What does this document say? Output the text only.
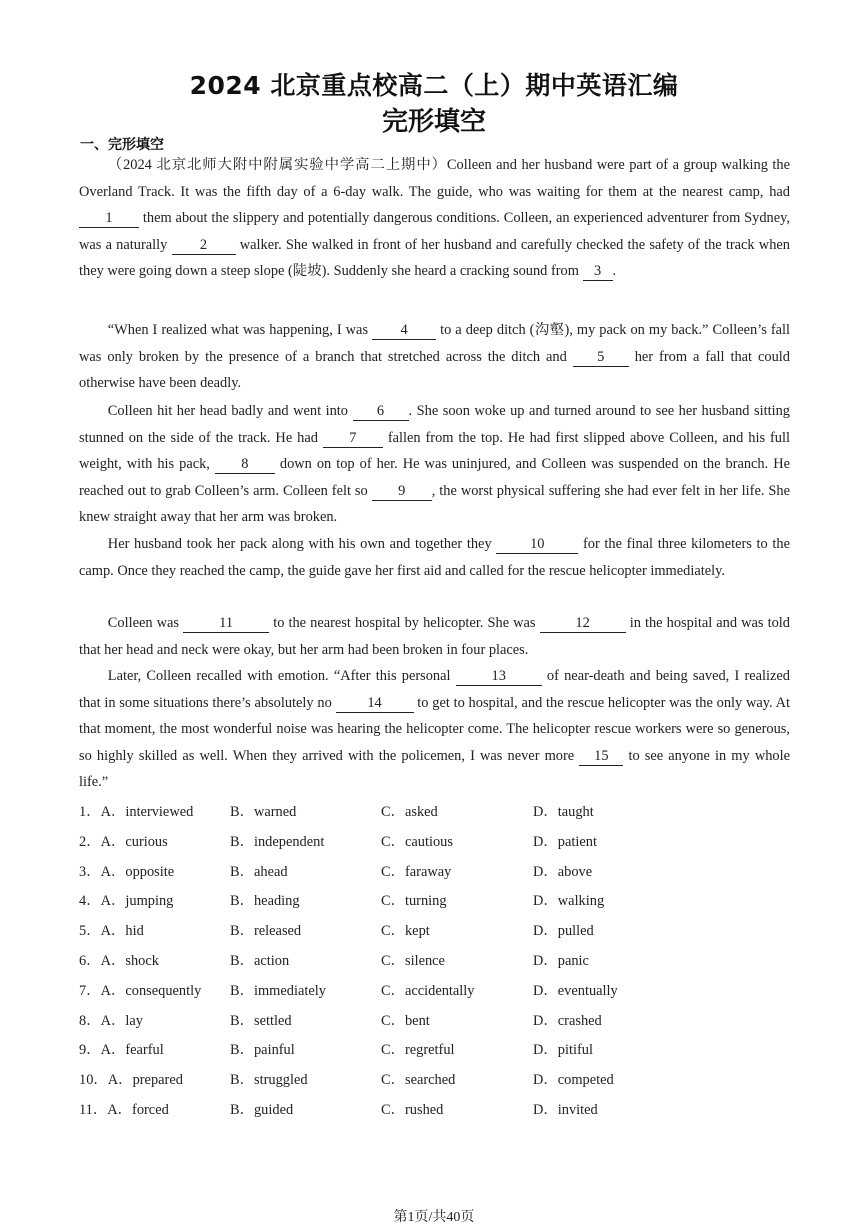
2024 北京重点校高二（上）期中英语汇编
完形填空
一、完形填空

（2024 北京北师大附中附属实验中学高二上期中）Colleen and her husband were part of a group walking the Overland Track. It was the fifth day of a 6-day walk. The guide, who was waiting for them at the nearest camp, had 1 them about the slippery and potentially dangerous conditions. Colleen, an experienced adventurer from Sydney, was a naturally 2 walker. She walked in front of her husband and carefully checked the safety of the track when they were going down a steep slope (陡坡). Suddenly she heard a cracking sound from 3 .

“When I realized what was happening, I was 4 to a deep ditch (沟壑), my pack on my back.” Colleen’s fall was only broken by the presence of a branch that stretched across the ditch and 5 her from a fall that could otherwise have been deadly.

Colleen hit her head badly and went into 6 . She soon woke up and turned around to see her husband sitting stunned on the side of the track. He had 7 fallen from the top. He had first slipped above Colleen, and his full weight, with his pack, 8 down on top of her. He was uninjured, and Colleen was suspended on the branch. He reached out to grab Colleen’s arm. Colleen felt so 9 , the worst physical suffering she had ever felt in her life. She knew straight away that her arm was broken.

Her husband took her pack along with his own and together they 10 for the final three kilometers to the camp. Once they reached the camp, the guide gave her first aid and called for the rescue helicopter immediately.

Colleen was	11	to the nearest hospital by helicopter. She was 12 in the hospital and was told that her head and neck were okay, but her arm had been broken in four places.

Later, Colleen recalled with emotion. “After this personal 13 of near-death and being saved, I realized that in some situations there’s absolutely no 14 to get to hospital, and the rescue helicopter was the only way. At that moment, the most wonderful noise was hearing the helicopter come. The helicopter rescue workers were so generous, so highly skilled as well. When they arrived with the policemen, I was never more 15 to see anyone in my whole life.”

1．A．interviewed	B．warned	C．asked	D．taught
2．A．curious	B．independent	C．cautious	D．patient
3．A．opposite	B．ahead	C．faraway	D．above
4．A．jumping	B．heading	C．turning	D．walking
5．A．hid	B．released	C．kept	D．pulled
6．A．shock	B．action	C．silence	D．panic
7．A．consequently B．immediately	C．accidentally	D．eventually
8．A．lay	B．settled	C．bent	D．crashed
9．A．fearful	B．painful	C．regretful	D．pitiful
10．A．prepared	B．struggled	C．searched	D．competed
11．A．forced	B．guided	C．rushed	D．invited
第1页/共40页
